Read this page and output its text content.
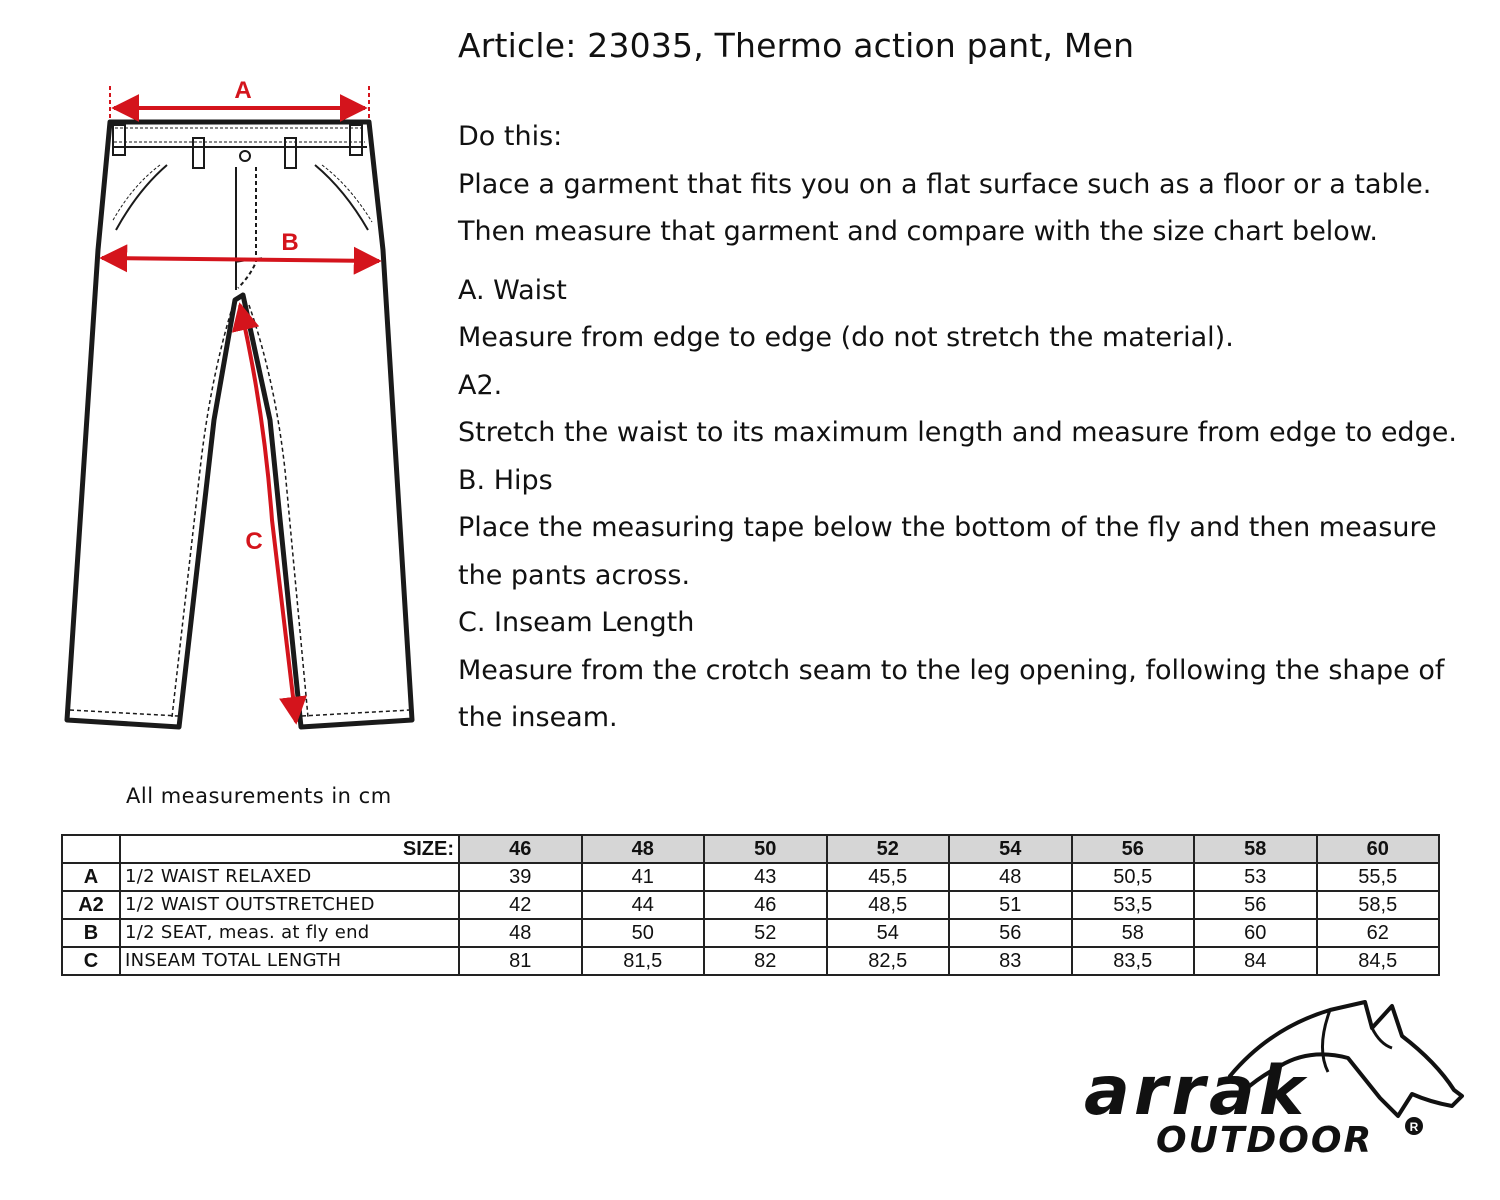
A
B
C
Article: 23035, Thermo action pant, Men

Do this:

Place a garment that fits you on a flat surface such as a floor or a table.

Then measure that garment and compare with the size chart below.

A. Waist

Measure from edge to edge (do not stretch the material).

A2.

Stretch the waist to its maximum length and measure from edge to edge.

B. Hips

Place the measuring tape below the bottom of the fly and then measure the pants across.

C. Inseam Length

Measure from the crotch seam to the leg opening, following the shape of the inseam.

All measurements in cm
	SIZE:	46	48	50	52	54	56	58	60
A	1/2 WAIST RELAXED	39	41	43	45,5	48	50,5	53	55,5
A2	1/2 WAIST OUTSTRETCHED	42	44	46	48,5	51	53,5	56	58,5
B	1/2 SEAT, meas. at fly end	48	50	52	54	56	58	60	62
C	INSEAM TOTAL LENGTH	81	81,5	82	82,5	83	83,5	84	84,5
arrak
OUTDOOR	R
